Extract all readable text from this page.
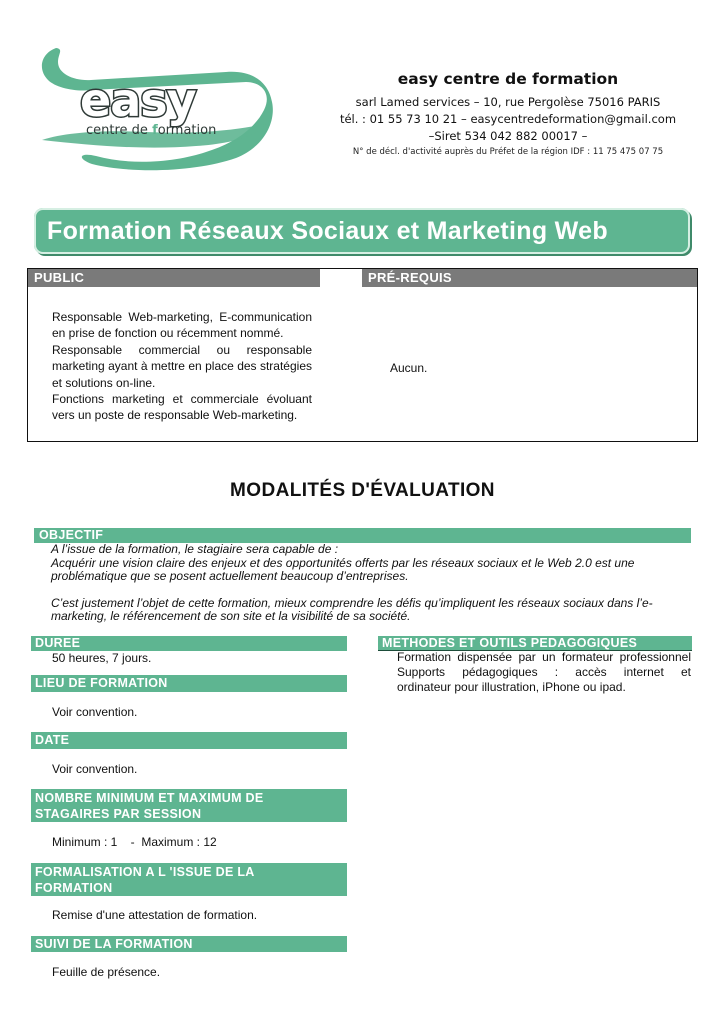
easy
centre de formation
easy centre de formation
sarl Lamed services – 10, rue Pergolèse 75016 PARIS
tél. : 01 55 73 10 21 – easycentredeformation@gmail.com
–Siret 534 042 882 00017 –
N° de décl. d'activité auprès du Préfet de la région IDF : 11 75 475 07 75
Formation Réseaux Sociaux et Marketing Web
PUBLIC	PRÉ-REQUIS

Responsable Web-marketing, E-communication en prise de fonction ou récemment nommé.

Responsable commercial ou responsable marketing ayant à mettre en place des stratégies et solutions on-line.

Fonctions marketing et commerciale évoluant vers un poste de responsable Web-marketing.

Aucun.
MODALITÉS D'ÉVALUATION
OBJECTIF
A l’issue de la formation, le stagiaire sera capable de :
Acquérir une vision claire des enjeux et des opportunités offerts par les réseaux sociaux et le Web 2.0 est une
problématique que se posent actuellement beaucoup d’entreprises.
C’est justement l’objet de cette formation, mieux comprendre les défis qu’impliquent les réseaux sociaux dans l’e-
marketing, le référencement de son site et la visibilité de sa société.
DUREE
50 heures, 7 jours.
LIEU DE FORMATION
Voir convention.
DATE
Voir convention.
NOMBRE MINIMUM ET MAXIMUM DE
STAGAIRES PAR SESSION
Minimum : 1    -  Maximum : 12
FORMALISATION A L 'ISSUE DE LA
FORMATION
Remise d'une attestation de formation.
SUIVI DE LA FORMATION
Feuille de présence.
METHODES ET OUTILS PEDAGOGIQUES
Formation dispensée par un formateur professionnel
Supports pédagogiques : accès internet et
ordinateur pour illustration, iPhone ou ipad.
